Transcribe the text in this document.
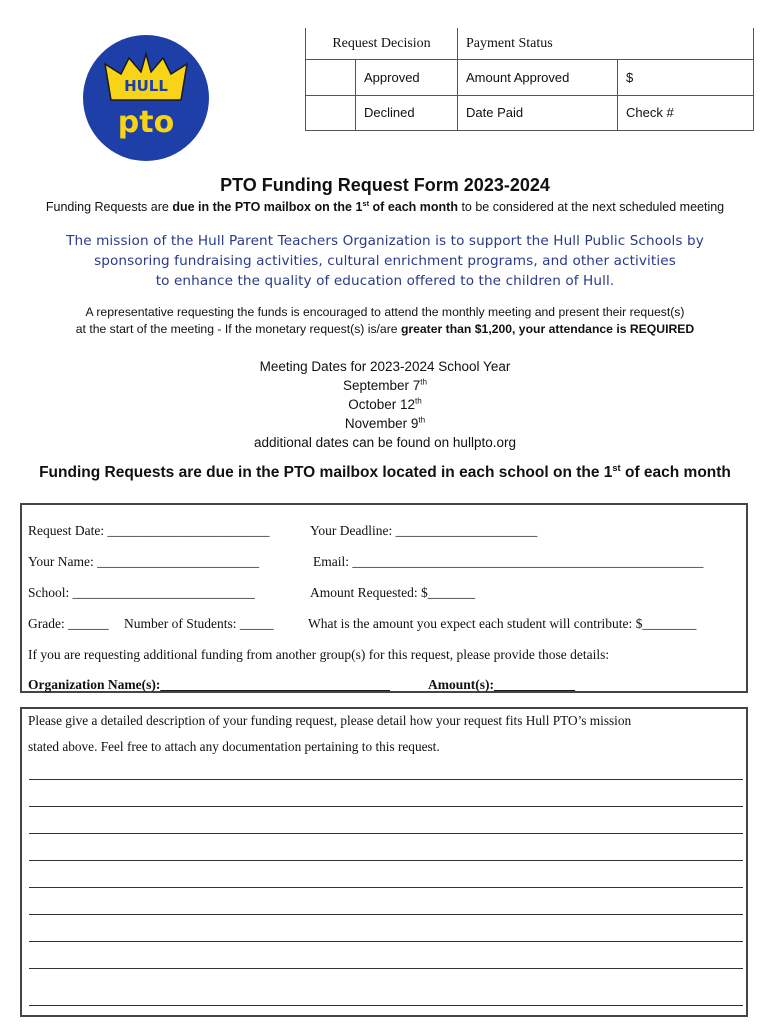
HULL
pto
Request Decision		Payment Status	
	Approved	Amount Approved	$
	Declined	Date Paid	Check #
PTO Funding Request Form 2023-2024
Funding Requests are due in the PTO mailbox on the 1st of each month to be considered at the next scheduled meeting
The mission of the Hull Parent Teachers Organization is to support the Hull Public Schools by
sponsoring fundraising activities, cultural enrichment programs, and other activities
to enhance the quality of education offered to the children of Hull.
A representative requesting the funds is encouraged to attend the monthly meeting and present their request(s)
at the start of the meeting - If the monetary request(s) is/are greater than $1,200, your attendance is REQUIRED
Meeting Dates for 2023-2024 School Year
September 7th
October 12th
November 9th
additional dates can be found on hullpto.org
Funding Requests are due in the PTO mailbox located in each school on the 1st of each month
Request Date: ________________________	Your Deadline: _____________________
Your Name: ________________________	Email: ____________________________________________________
School: ___________________________	Amount Requested: $_______
Grade: ______ Number of Students: _____	What is the amount you expect each student will contribute: $________
If you are requesting additional funding from another group(s) for this request, please provide those details:
Organization Name(s):__________________________________	Amount(s):____________
Please give a detailed description of your funding request, please detail how your request fits Hull PTO’s mission
stated above. Feel free to attach any documentation pertaining to this request.
